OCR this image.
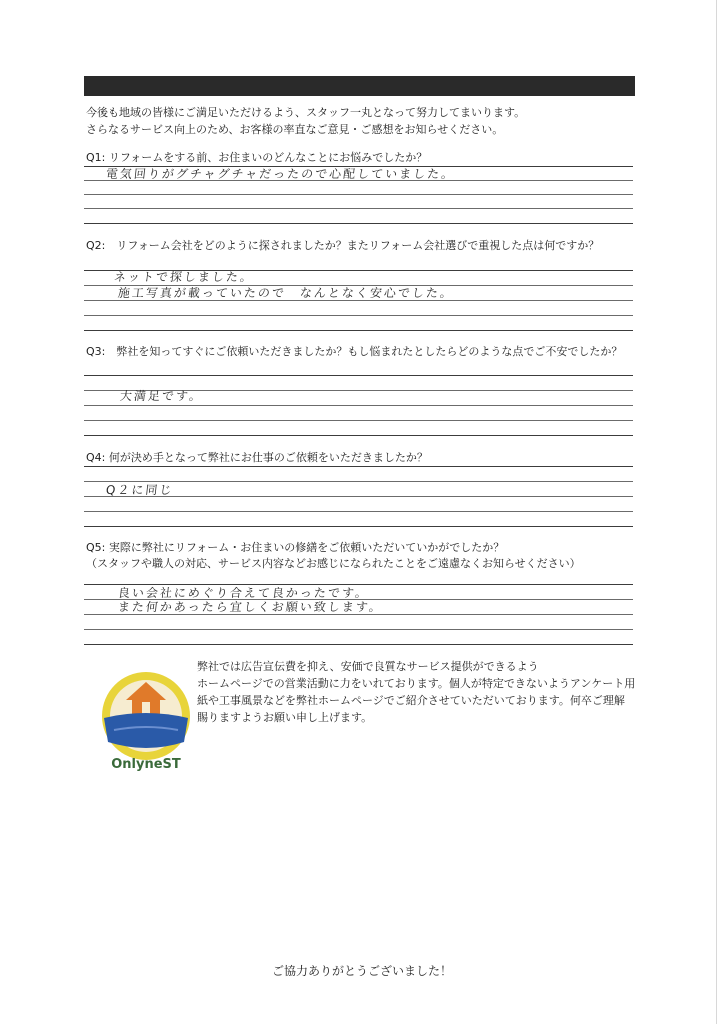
今後も地域の皆様にご満足いただけるよう、スタッフ一丸となって努力してまいります。

さらなるサービス向上のため、お客様の率直なご意見・ご感想をお知らせください。

Q1: リフォームをする前、お住まいのどんなことにお悩みでしたか？
電気回りがグチャグチャだったので心配していました。
Q2:　リフォーム会社をどのように探されましたか？またリフォーム会社選びで重視した点は何ですか？
ネットで探しました。
施工写真が載っていたので　なんとなく安心でした。
Q3:　弊社を知ってすぐにご依頼いただきましたか？もし悩まれたとしたらどのような点でご不安でしたか？
大満足です。
Q4: 何が決め手となって弊社にお仕事のご依頼をいただきましたか？
Q２に同じ
Q5: 実際に弊社にリフォーム・お住まいの修繕をご依頼いただいていかがでしたか？
（スタッフや職人の対応、サービス内容などお感じになられたことをご遠慮なくお知らせください）
良い会社にめぐり合えて良かったです。
また何かあったら宜しくお願い致します。
OnlyneST

弊社では広告宣伝費を抑え、安価で良質なサービス提供ができるよう

ホームページでの営業活動に力をいれております。個人が特定できないようアンケート用

紙や工事風景などを弊社ホームページでご紹介させていただいております。何卒ご理解

賜りますようお願い申し上げます。

ご協力ありがとうございました！
